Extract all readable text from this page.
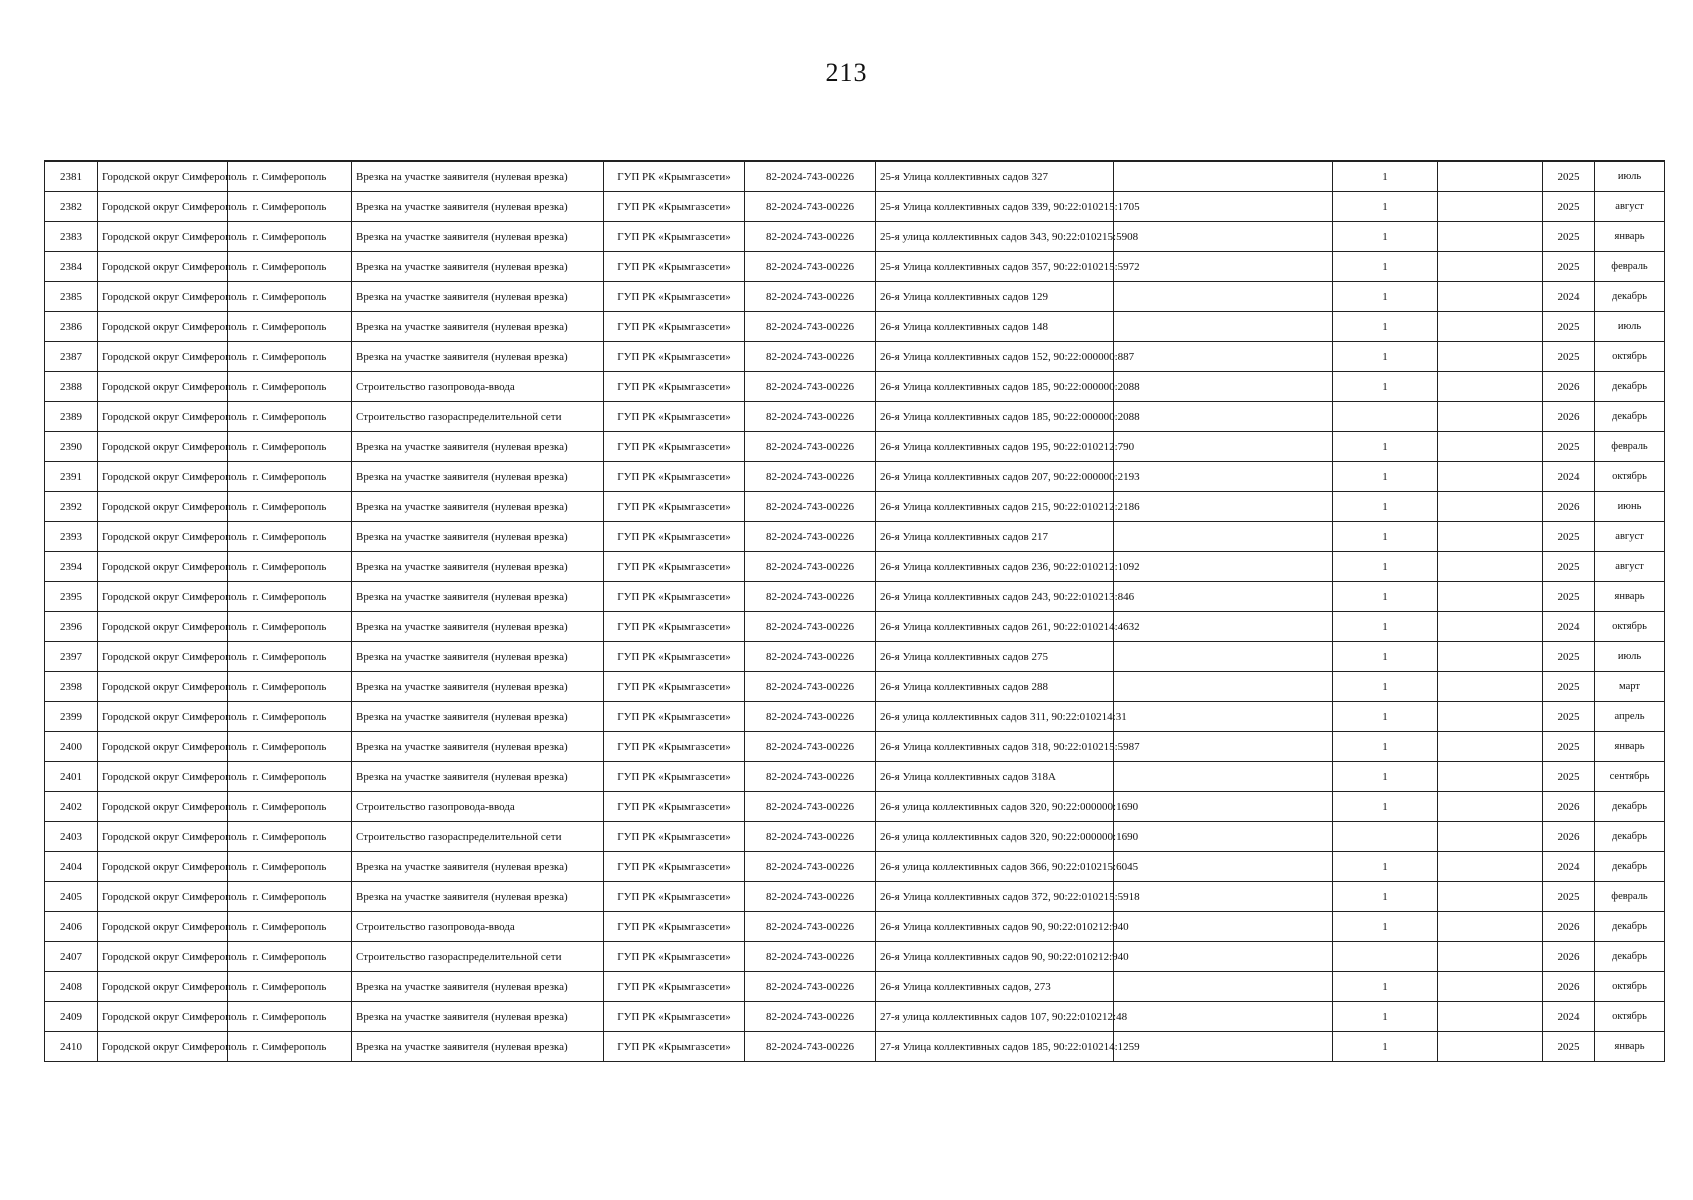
213
2381	Городской округ Симферополь	г. Симферополь	Врезка на участке заявителя (нулевая врезка)	ГУП РК «Крымгазсети»	82-2024-743-00226	25-я Улица коллективных садов 327		1		2025	июль
2382	Городской округ Симферополь	г. Симферополь	Врезка на участке заявителя (нулевая врезка)	ГУП РК «Крымгазсети»	82-2024-743-00226	25-я Улица коллективных садов 339, 90:22:010215:1705		1		2025	август
2383	Городской округ Симферополь	г. Симферополь	Врезка на участке заявителя (нулевая врезка)	ГУП РК «Крымгазсети»	82-2024-743-00226	25-я улица коллективных садов 343, 90:22:010215:5908		1		2025	январь
2384	Городской округ Симферополь	г. Симферополь	Врезка на участке заявителя (нулевая врезка)	ГУП РК «Крымгазсети»	82-2024-743-00226	25-я Улица коллективных садов 357, 90:22:010215:5972		1		2025	февраль
2385	Городской округ Симферополь	г. Симферополь	Врезка на участке заявителя (нулевая врезка)	ГУП РК «Крымгазсети»	82-2024-743-00226	26-я Улица коллективных садов 129		1		2024	декабрь
2386	Городской округ Симферополь	г. Симферополь	Врезка на участке заявителя (нулевая врезка)	ГУП РК «Крымгазсети»	82-2024-743-00226	26-я Улица коллективных садов 148		1		2025	июль
2387	Городской округ Симферополь	г. Симферополь	Врезка на участке заявителя (нулевая врезка)	ГУП РК «Крымгазсети»	82-2024-743-00226	26-я Улица коллективных садов 152, 90:22:000000:887		1		2025	октябрь
2388	Городской округ Симферополь	г. Симферополь	Строительство газопровода-ввода	ГУП РК «Крымгазсети»	82-2024-743-00226	26-я Улица коллективных садов 185, 90:22:000000:2088		1		2026	декабрь
2389	Городской округ Симферополь	г. Симферополь	Строительство газораспределительной сети	ГУП РК «Крымгазсети»	82-2024-743-00226	26-я Улица коллективных садов 185, 90:22:000000:2088				2026	декабрь
2390	Городской округ Симферополь	г. Симферополь	Врезка на участке заявителя (нулевая врезка)	ГУП РК «Крымгазсети»	82-2024-743-00226	26-я Улица коллективных садов 195, 90:22:010212:790		1		2025	февраль
2391	Городской округ Симферополь	г. Симферополь	Врезка на участке заявителя (нулевая врезка)	ГУП РК «Крымгазсети»	82-2024-743-00226	26-я Улица коллективных садов 207, 90:22:000000:2193		1		2024	октябрь
2392	Городской округ Симферополь	г. Симферополь	Врезка на участке заявителя (нулевая врезка)	ГУП РК «Крымгазсети»	82-2024-743-00226	26-я Улица коллективных садов 215, 90:22:010212:2186		1		2026	июнь
2393	Городской округ Симферополь	г. Симферополь	Врезка на участке заявителя (нулевая врезка)	ГУП РК «Крымгазсети»	82-2024-743-00226	26-я Улица коллективных садов 217		1		2025	август
2394	Городской округ Симферополь	г. Симферополь	Врезка на участке заявителя (нулевая врезка)	ГУП РК «Крымгазсети»	82-2024-743-00226	26-я Улица коллективных садов 236, 90:22:010212:1092		1		2025	август
2395	Городской округ Симферополь	г. Симферополь	Врезка на участке заявителя (нулевая врезка)	ГУП РК «Крымгазсети»	82-2024-743-00226	26-я Улица коллективных садов 243, 90:22:010213:846		1		2025	январь
2396	Городской округ Симферополь	г. Симферополь	Врезка на участке заявителя (нулевая врезка)	ГУП РК «Крымгазсети»	82-2024-743-00226	26-я Улица коллективных садов 261, 90:22:010214:4632		1		2024	октябрь
2397	Городской округ Симферополь	г. Симферополь	Врезка на участке заявителя (нулевая врезка)	ГУП РК «Крымгазсети»	82-2024-743-00226	26-я Улица коллективных садов 275		1		2025	июль
2398	Городской округ Симферополь	г. Симферополь	Врезка на участке заявителя (нулевая врезка)	ГУП РК «Крымгазсети»	82-2024-743-00226	26-я Улица коллективных садов 288		1		2025	март
2399	Городской округ Симферополь	г. Симферополь	Врезка на участке заявителя (нулевая врезка)	ГУП РК «Крымгазсети»	82-2024-743-00226	26-я улица коллективных садов 311, 90:22:010214:31		1		2025	апрель
2400	Городской округ Симферополь	г. Симферополь	Врезка на участке заявителя (нулевая врезка)	ГУП РК «Крымгазсети»	82-2024-743-00226	26-я Улица коллективных садов 318, 90:22:010215:5987		1		2025	январь
2401	Городской округ Симферополь	г. Симферополь	Врезка на участке заявителя (нулевая врезка)	ГУП РК «Крымгазсети»	82-2024-743-00226	26-я Улица коллективных садов 318А		1		2025	сентябрь
2402	Городской округ Симферополь	г. Симферополь	Строительство газопровода-ввода	ГУП РК «Крымгазсети»	82-2024-743-00226	26-я улица коллективных садов 320, 90:22:000000:1690		1		2026	декабрь
2403	Городской округ Симферополь	г. Симферополь	Строительство газораспределительной сети	ГУП РК «Крымгазсети»	82-2024-743-00226	26-я улица коллективных садов 320, 90:22:000000:1690				2026	декабрь
2404	Городской округ Симферополь	г. Симферополь	Врезка на участке заявителя (нулевая врезка)	ГУП РК «Крымгазсети»	82-2024-743-00226	26-я улица коллективных садов 366, 90:22:010215:6045		1		2024	декабрь
2405	Городской округ Симферополь	г. Симферополь	Врезка на участке заявителя (нулевая врезка)	ГУП РК «Крымгазсети»	82-2024-743-00226	26-я Улица коллективных садов 372, 90:22:010215:5918		1		2025	февраль
2406	Городской округ Симферополь	г. Симферополь	Строительство газопровода-ввода	ГУП РК «Крымгазсети»	82-2024-743-00226	26-я Улица коллективных садов 90, 90:22:010212:940		1		2026	декабрь
2407	Городской округ Симферополь	г. Симферополь	Строительство газораспределительной сети	ГУП РК «Крымгазсети»	82-2024-743-00226	26-я Улица коллективных садов 90, 90:22:010212:940				2026	декабрь
2408	Городской округ Симферополь	г. Симферополь	Врезка на участке заявителя (нулевая врезка)	ГУП РК «Крымгазсети»	82-2024-743-00226	26-я Улица коллективных садов, 273		1		2026	октябрь
2409	Городской округ Симферополь	г. Симферополь	Врезка на участке заявителя (нулевая врезка)	ГУП РК «Крымгазсети»	82-2024-743-00226	27-я улица коллективных садов 107, 90:22:010212:48		1		2024	октябрь
2410	Городской округ Симферополь	г. Симферополь	Врезка на участке заявителя (нулевая врезка)	ГУП РК «Крымгазсети»	82-2024-743-00226	27-я Улица коллективных садов 185, 90:22:010214:1259		1		2025	январь
